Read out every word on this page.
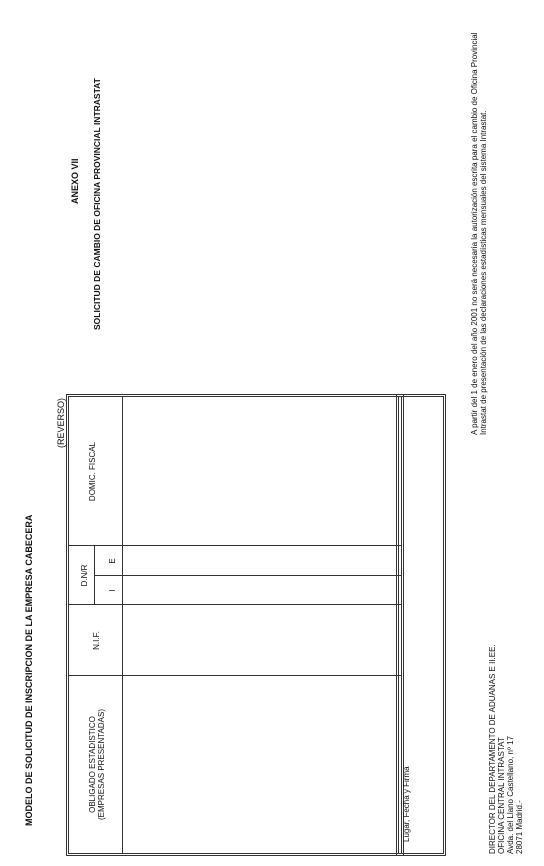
MODELO DE SOLICITUD DE INSCRIPCION DE LA EMPRESA CABECERA
(REVERSO)
OBLIGADO ESTADISTICO (EMPRESAS PRESENTADAS)
N.I.F.
D.N/R
I
E
DOMIC. FISCAL
Lugar, Fecha y Firma	DIRECTOR DEL DEPARTAMENTO DE ADUANAS E II.EE. OFICINA CENTRAL INTRASTAT Avda. del Llano Castellano, nº 17 28071 Madrid.-
ANEXO VII SOLICITUD DE CAMBIO DE OFICINA PROVINCIAL INTRASTAT	A partir del 1 de enero del año 2001 no será necesaria la autorización escrita para el cambio de Oficina Provincial Intrastat de presentación de las declaraciones estadísticas mensuales del sistema Intrastat.
